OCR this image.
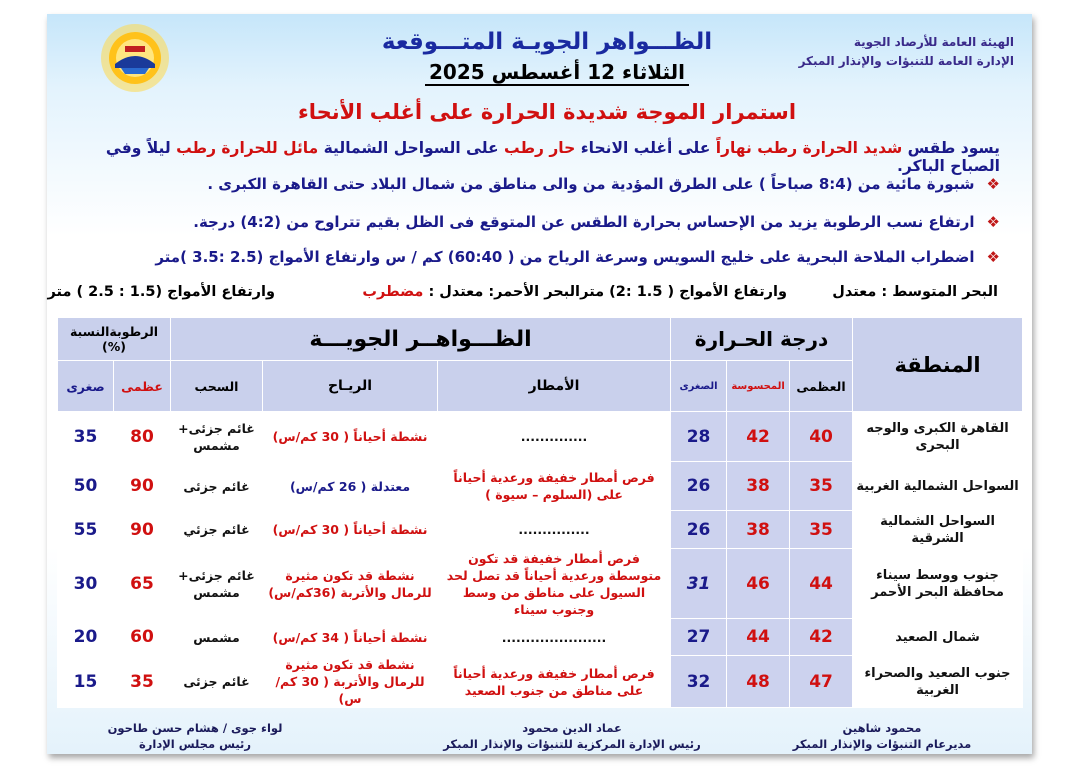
الهيئة العامة للأرصاد الجوية
الإدارة العامة للتنبؤات والإنذار المبكر
الظـــواهر الجويـة المتـــوقعة
الثلاثاء 12 أغسطس 2025
استمرار الموجة شديدة الحرارة على أغلب الأنحاء
يسود طقس شديد الحرارة رطب نهاراً على أغلب الانحاء حار رطب على السواحل الشمالية مائل للحرارة رطب ليلاً وفي الصباح الباكر.
❖شبورة مائية من (8:4 صباحاً ) على الطرق المؤدية من والى مناطق من شمال البلاد حتى القاهرة الكبرى .
❖ارتفاع نسب الرطوبة يزيد من الإحساس بحرارة الطقس عن المتوقع فى الظل بقيم تتراوح من (4:2) درجة.
❖اضطراب الملاحة البحرية على خليج السويس وسرعة الرياح من ( 60:40) كم / س وارتفاع الأمواج (2.5 :3.5 )متر
البحر المتوسط : معتدل
وارتفاع الأمواج ( 1.5 :2) متر
البحر الأحمر: معتدل : مضطرب
وارتفاع الأمواج (1.5 : 2.5 ) متر
المنطقة	درجة الحـرارة			الظـــواهــر الجويـــة			الرطوبةالنسبة (%)	
	العظمى	المحسوسة	الصغرى	الأمطار	الريـاح	السحب	عظمى	صغرى
القاهرة الكبرى والوجه البحرى	40	42	28	..............	نشطة أحياناً ( 30 كم/س)	غائم جزئى+ مشمس	80	35
السواحل الشمالية الغربية	35	38	26	فرص أمطار خفيفة ورعدية أحياناً على (السلوم – سيوة )	معتدلة ( 26 كم/س)	غائم جزئى	90	50
السواحل الشمالية الشرقية	35	38	26	...............	نشطة أحياناً ( 30 كم/س)	غائم جزئي	90	55
جنوب ووسط سيناء محافظة البحر الأحمر	44	46	31	فرص أمطار خفيفة قد تكون متوسطة ورعدية أحياناً قد تصل لحد السيول على مناطق من وسط وجنوب سيناء	نشطة قد تكون مثيرة للرمال والأتربة (36كم/س)	غائم جزئى+ مشمس	65	30
شمال الصعيد	42	44	27	......................	نشطة أحياناً ( 34 كم/س)	مشمس	60	20
جنوب الصعيد والصحراء الغربية	47	48	32	فرص أمطار خفيفة ورعدية أحياناً على مناطق من جنوب الصعيد	نشطة قد تكون مثيرة للرمال والأتربة ( 30 كم/س)	غائم جزئى	35	15
محمود شاهين
مديرعام التنبؤات والإنذار المبكر
عماد الدين محمود
رئيس الإدارة المركزية للتنبؤات والإنذار المبكر
لواء جوى / هشام حسن طاحون
رئيس مجلس الإدارة
